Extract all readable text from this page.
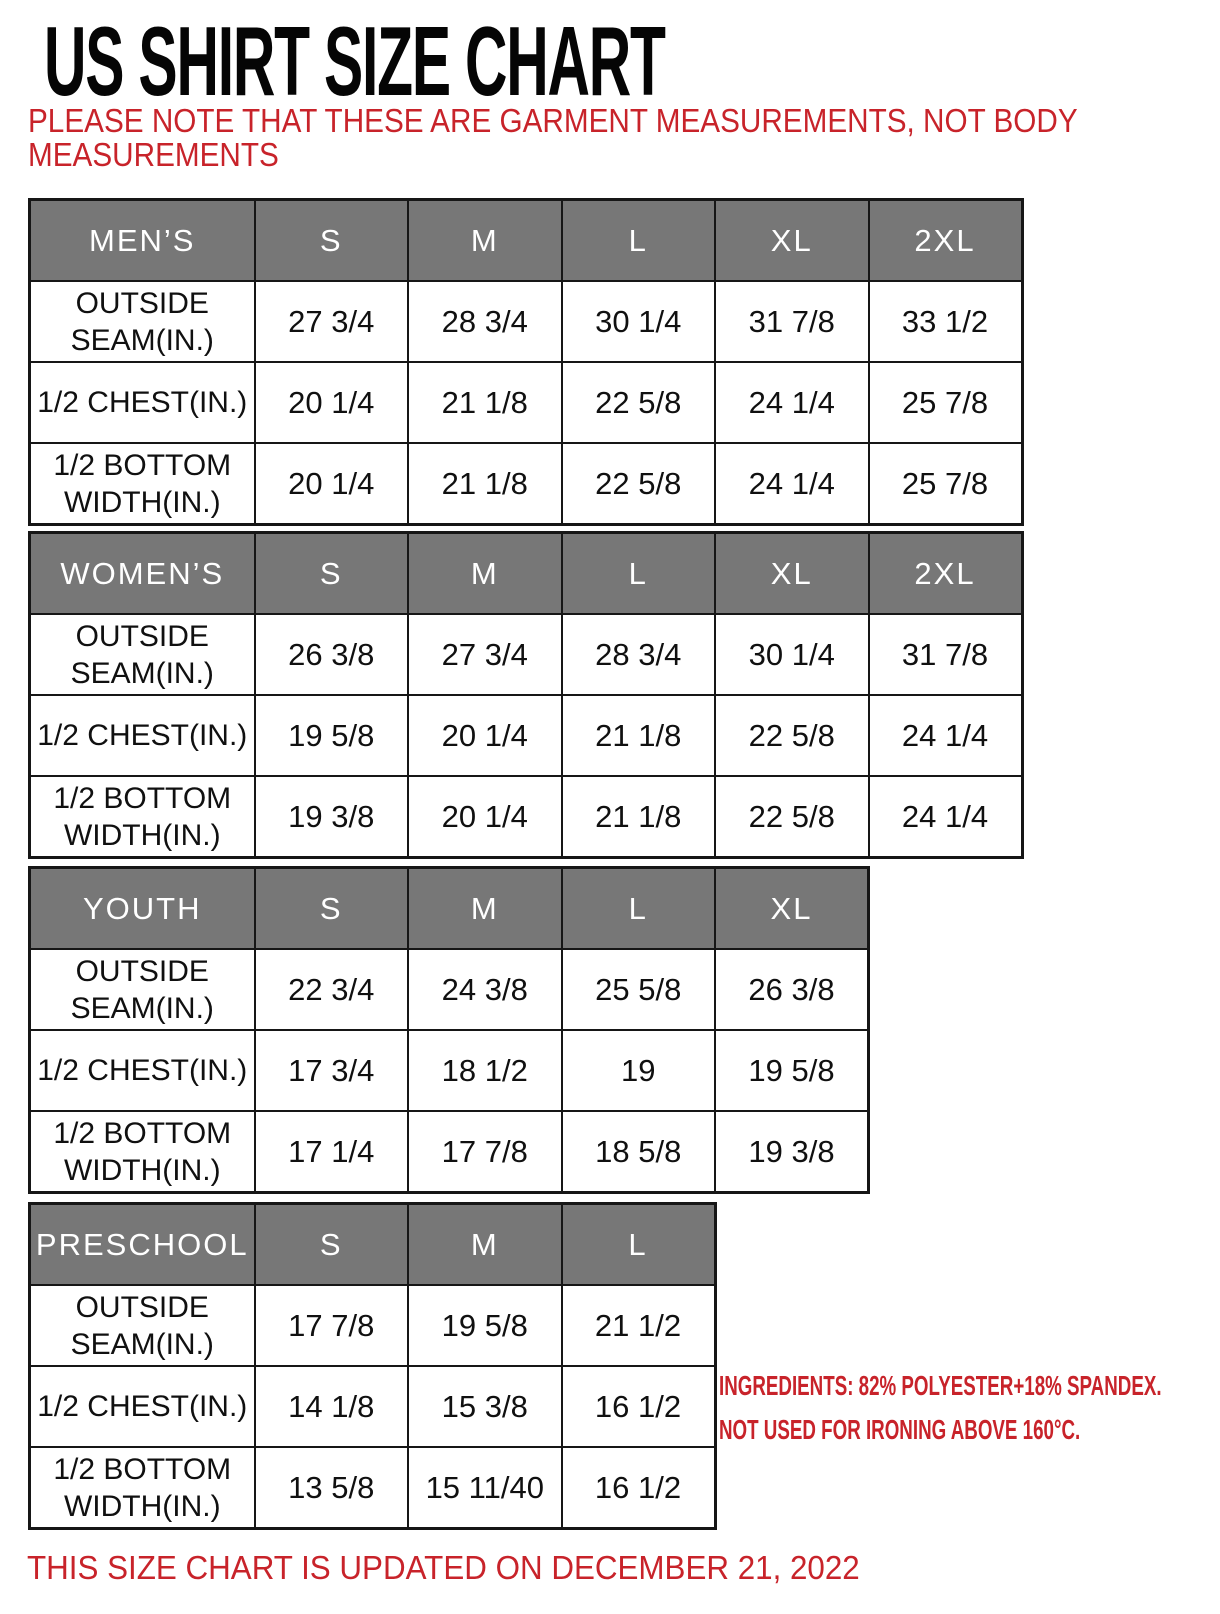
US SHIRT SIZE CHART
PLEASE NOTE THAT THESE ARE GARMENT MEASUREMENTS, NOT BODY
MEASUREMENTS
MEN’S	S	M	L	XL	2XL
OUTSIDE SEAM(IN.)	27 3/4	28 3/4	30 1/4	31 7/8	33 1/2
1/2 CHEST(IN.)	20 1/4	21 1/8	22 5/8	24 1/4	25 7/8
1/2 BOTTOM WIDTH(IN.)	20 1/4	21 1/8	22 5/8	24 1/4	25 7/8
WOMEN’S	S	M	L	XL	2XL
OUTSIDE SEAM(IN.)	26 3/8	27 3/4	28 3/4	30 1/4	31 7/8
1/2 CHEST(IN.)	19 5/8	20 1/4	21 1/8	22 5/8	24 1/4
1/2 BOTTOM WIDTH(IN.)	19 3/8	20 1/4	21 1/8	22 5/8	24 1/4
YOUTH	S	M	L	XL
OUTSIDE SEAM(IN.)	22 3/4	24 3/8	25 5/8	26 3/8
1/2 CHEST(IN.)	17 3/4	18 1/2	19	19 5/8
1/2 BOTTOM WIDTH(IN.)	17 1/4	17 7/8	18 5/8	19 3/8
PRESCHOOL	S	M	L
OUTSIDE SEAM(IN.)	17 7/8	19 5/8	21 1/2
1/2 CHEST(IN.)	14 1/8	15 3/8	16 1/2
1/2 BOTTOM WIDTH(IN.)	13 5/8	15 11/40	16 1/2
INGREDIENTS: 82% POLYESTER+18% SPANDEX.
NOT USED FOR IRONING ABOVE 160°C.
THIS SIZE CHART IS UPDATED ON DECEMBER 21, 2022
